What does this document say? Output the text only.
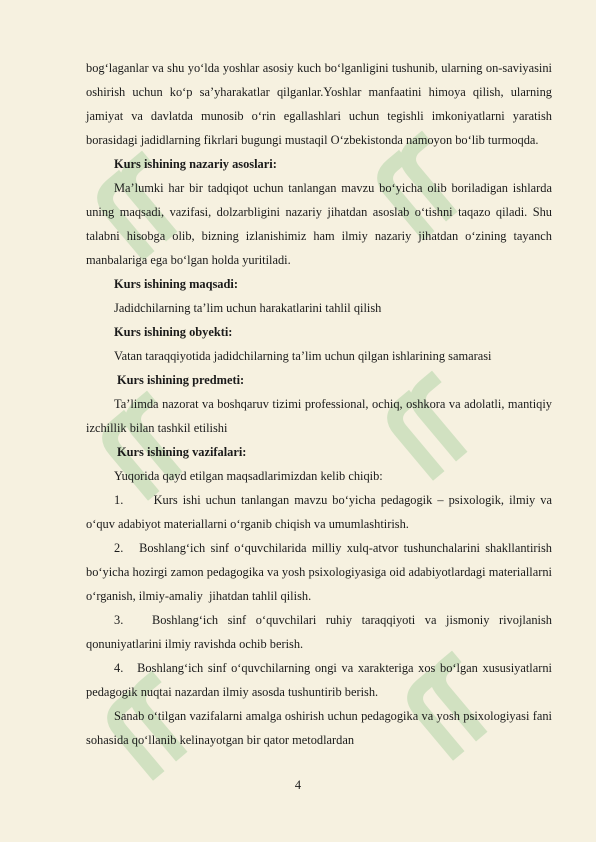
bog‘laganlar va shu yo‘lda yoshlar asosiy kuch bo‘lganligini tushunib, ularning on-saviyasini oshirish uchun ko‘p sa’yharakatlar qilganlar.Yoshlar manfaatini himoya qilish, ularning jamiyat va davlatda munosib o‘rin egallashlari uchun tegishli imkoniyatlarni yaratish borasidagi jadidlarning fikrlari bugungi mustaqil O‘zbekistonda namoyon bo‘lib turmoqda.

Kurs ishining nazariy asoslari:

Ma’lumki har bir tadqiqot uchun tanlangan mavzu bo‘yicha olib boriladigan ishlarda uning maqsadi, vazifasi, dolzarbligini nazariy jihatdan asoslab o‘tishni taqazo qiladi. Shu talabni hisobga olib, bizning izlanishimiz ham ilmiy nazariy jihatdan o‘zining tayanch manbalariga ega bo‘lgan holda yuritiladi.

Kurs ishining maqsadi:

Jadidchilarning ta’lim uchun harakatlarini tahlil qilish

Kurs ishining obyekti:

Vatan taraqqiyotida jadidchilarning ta’lim uchun qilgan ishlarining samarasi

Kurs ishining predmeti:

Ta’limda nazorat va boshqaruv tizimi professional, ochiq, oshkora va adolatli, mantiqiy izchillik bilan tashkil etilishi

Kurs ishining vazifalari:

Yuqorida qayd etilgan maqsadlarimizdan kelib chiqib:

1.      Kurs ishi uchun tanlangan mavzu bo‘yicha pedagogik – psixologik, ilmiy va o‘quv adabiyot materiallarni o‘rganib chiqish va umumlashtirish.

2.   Boshlang‘ich sinf o‘quvchilarida milliy xulq-atvor tushunchalarini shakllantirish bo‘yicha hozirgi zamon pedagogika va yosh psixologiyasiga oid adabiyotlardagi materiallarni o‘rganish, ilmiy-amaliy  jihatdan tahlil qilish.

3.   Boshlang‘ich sinf o‘quvchilari ruhiy taraqqiyoti va jismoniy rivojlanish qonuniyatlarini ilmiy ravishda ochib berish.

4.   Boshlang‘ich sinf o‘quvchilarning ongi va xarakteriga xos bo‘lgan xususiyatlarni pedagogik nuqtai nazardan ilmiy asosda tushuntirib berish.

Sanab o‘tilgan vazifalarni amalga oshirish uchun pedagogika va yosh psixologiyasi fani sohasida qo‘llanib kelinayotgan bir qator metodlardan

4
